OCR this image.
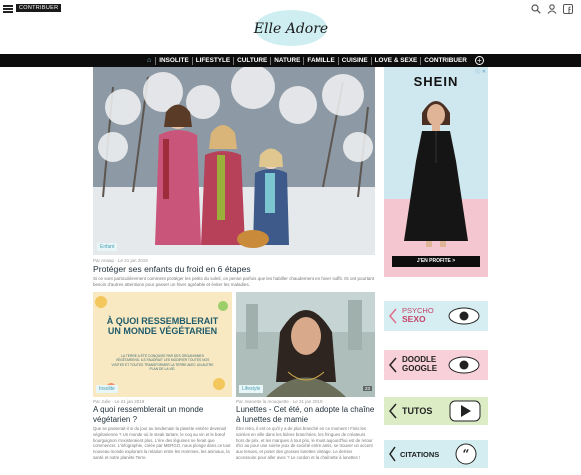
CONTRIBUER
Elle Adore
⌂	INSOLITE	LIFESTYLE	CULTURE	NATURE	FAMILLE	CUISINE	LOVE & SEXE	CONTRIBUER	+
Enfant
Par Anaap · Le 21 jan 2019
Protéger ses enfants du froid en 6 étapes
Si ce sont particulièrement comment protéger les petits du soleil, on pense parfois que les habiller chaudement en hiver suffit. Ils ont pourtant besoin d'autres attentions pour passer un hiver agréable et éviter les maladies.
À QUOI RESSEMBLERAIT UN MONDE VÉGÉTARIEN
LA TERRE A ÉTÉ CONQUISE PAR DES ORGANISMES VÉGÉTARIENS. ILS FAUDRAIT LES MODIFIER TOUTES NOS VISITES ET TOUTES TRANSFORMER LA TERRE AVEC UN AUTRE PLAN DE LA VIE.
Insolite
Par Julie · Le 21 jan 2019
A quoi ressemblerait un monde végétarien ?
Que se passerait-il si du jour au lendemain la planète entière devenait végétarienne ? Un monde où le steak tartare, le coq au vin et le bœuf bourguignon n'existeraient plus. L'ère des légumes ne ferait que commencer. L'infographie, créée par MERGO, nous plonge dans ce tout nouveau monde explorant la relation entre les Hommes, les animaux, la santé et notre planète Terre.
Lifestyle	23
Par Jeanette la mouquette · Le 21 jan 2019
Lunettes - Cet été, on adopte la chaîne à lunettes de mamie
Être rétro, il est ce qu'il y a de plus branché en ce moment ! Finis les soirées en ville dans les bières branchées, les fringues de créateurs hors de prix, et les marques à tout prix, le must aujourd'hui est de retour d'ici au pour une soirée jeux de société entre amis, se trouver un accent aux tenues, et poser des grosses lunettes vintage. Le dernier accessoire pour aller avec ? Le cordon et la chaînette à lunettes !
SHEIN
ⓘ ✕
J'EN PROFITE >
PSYCHO
SEXO
DOODLE
GOOGLE
TUTOS
“
CITATIONS
